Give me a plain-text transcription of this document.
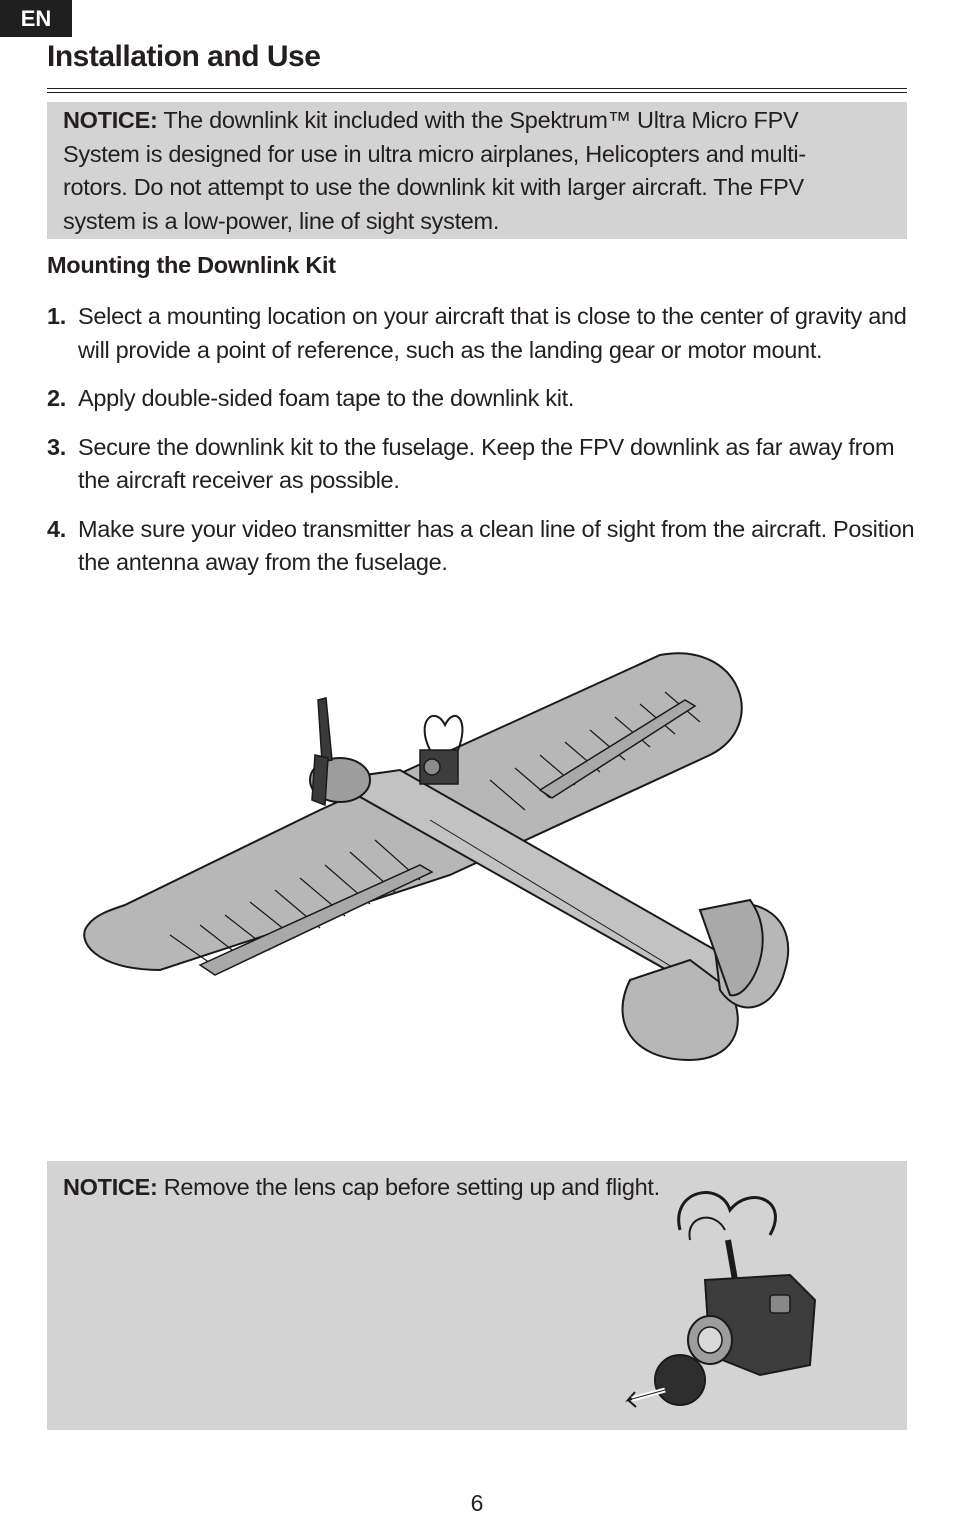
EN
Installation and Use
NOTICE: The downlink kit included with the Spektrum™ Ultra Micro FPV System is designed for use in ultra micro airplanes, Helicopters and multi-rotors. Do not attempt to use the downlink kit with larger aircraft. The FPV system is a low-power, line of sight system.
Mounting the Downlink Kit
1. Select a mounting location on your aircraft that is close to the center of gravity and will provide a point of reference, such as the landing gear or motor mount.
2. Apply double-sided foam tape to the downlink kit.
3. Secure the downlink kit to the fuselage. Keep the FPV downlink as far away from the aircraft receiver as possible.
4. Make sure your video transmitter has a clean line of sight from the aircraft. Position the antenna away from the fuselage.
NOTICE: Remove the lens cap before setting up and flight.
6
